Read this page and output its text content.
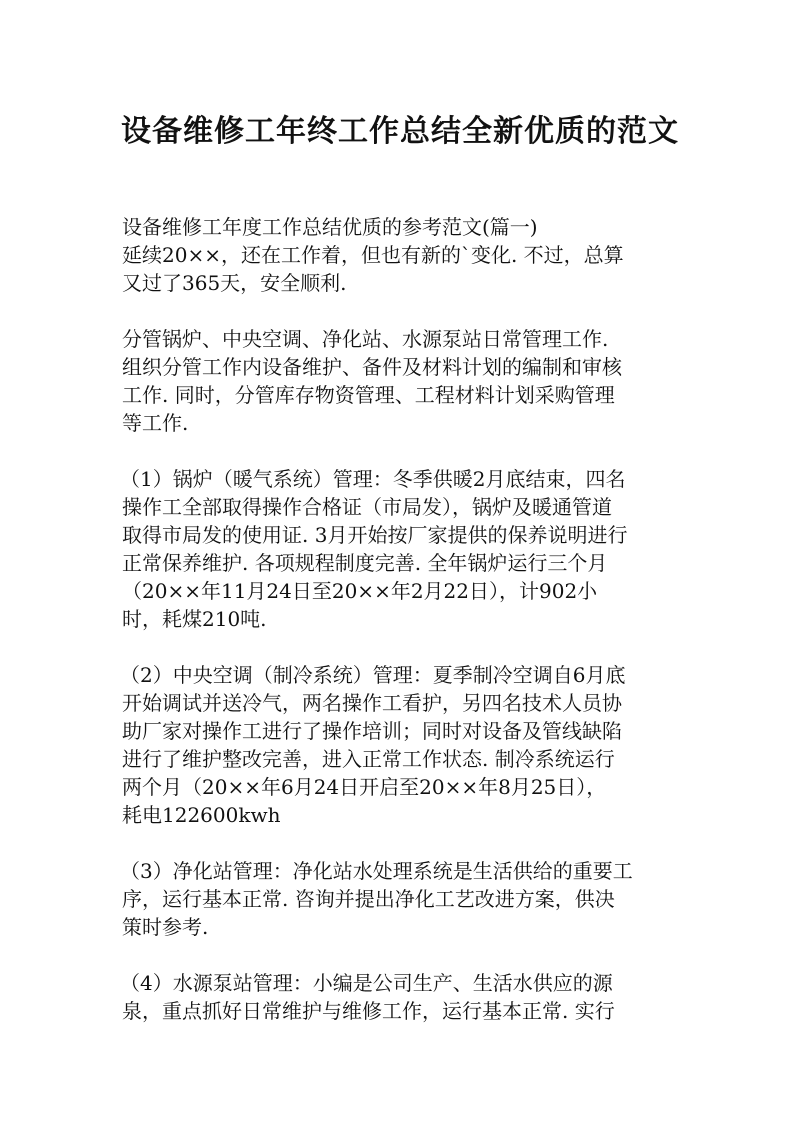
设备维修工年终工作总结全新优质的范文
设备维修工年度工作总结优质的参考范文(篇一)
延续20××，还在工作着，但也有新的`变化. 不过，总算
又过了365天，安全顺利.
分管锅炉、中央空调、净化站、水源泵站日常管理工作.
组织分管工作内设备维护、备件及材料计划的编制和审核
工作. 同时，分管库存物资管理、工程材料计划采购管理
等工作.
（1）锅炉（暖气系统）管理：冬季供暖2月底结束，四名
操作工全部取得操作合格证（市局发），锅炉及暖通管道
取得市局发的使用证. 3月开始按厂家提供的保养说明进行
正常保养维护. 各项规程制度完善. 全年锅炉运行三个月
（20××年11月24日至20××年2月22日），计902小
时，耗煤210吨.
（2）中央空调（制冷系统）管理：夏季制冷空调自6月底
开始调试并送冷气，两名操作工看护，另四名技术人员协
助厂家对操作工进行了操作培训；同时对设备及管线缺陷
进行了维护整改完善，进入正常工作状态. 制冷系统运行
两个月（20××年6月24日开启至20××年8月25日），
耗电122600kwh
（3）净化站管理：净化站水处理系统是生活供给的重要工
序，运行基本正常. 咨询并提出净化工艺改进方案，供决
策时参考.
（4）水源泵站管理：小编是公司生产、生活水供应的源
泉，重点抓好日常维护与维修工作，运行基本正常. 实行
